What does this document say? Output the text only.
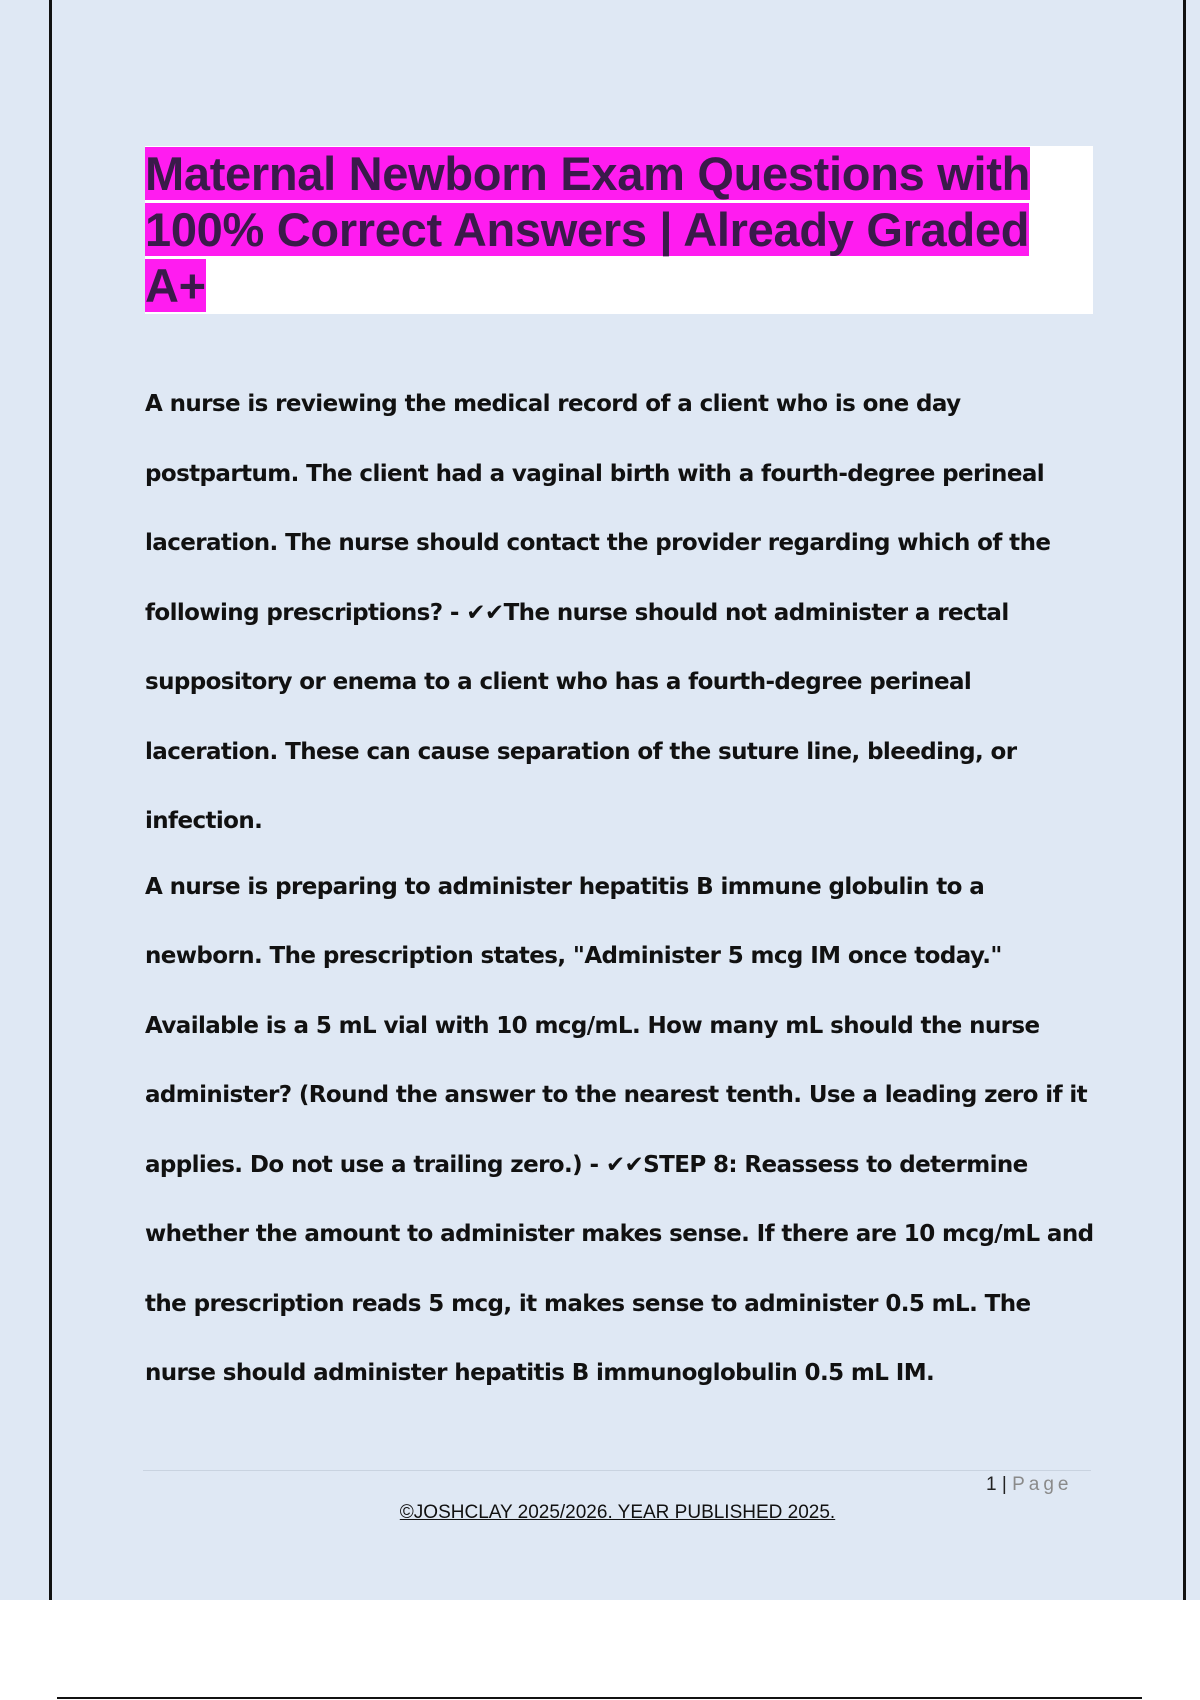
Maternal Newborn Exam Questions with 100% Correct Answers | Already Graded A+

A nurse is reviewing the medical record of a client who is one day postpartum. The client had a vaginal birth with a fourth-degree perineal laceration. The nurse should contact the provider regarding which of the following prescriptions? - ✔✔The nurse should not administer a rectal suppository or enema to a client who has a fourth-degree perineal laceration. These can cause separation of the suture line, bleeding, or infection.

A nurse is preparing to administer hepatitis B immune globulin to a newborn. The prescription states, "Administer 5 mcg IM once today." Available is a 5 mL vial with 10 mcg/mL. How many mL should the nurse administer? (Round the answer to the nearest tenth. Use a leading zero if it applies. Do not use a trailing zero.) - ✔✔STEP 8: Reassess to determine whether the amount to administer makes sense. If there are 10 mcg/mL and the prescription reads 5 mcg, it makes sense to administer 0.5 mL. The nurse should administer hepatitis B immunoglobulin 0.5 mL IM.

1 | Page
©JOSHCLAY 2025/2026. YEAR PUBLISHED 2025.
